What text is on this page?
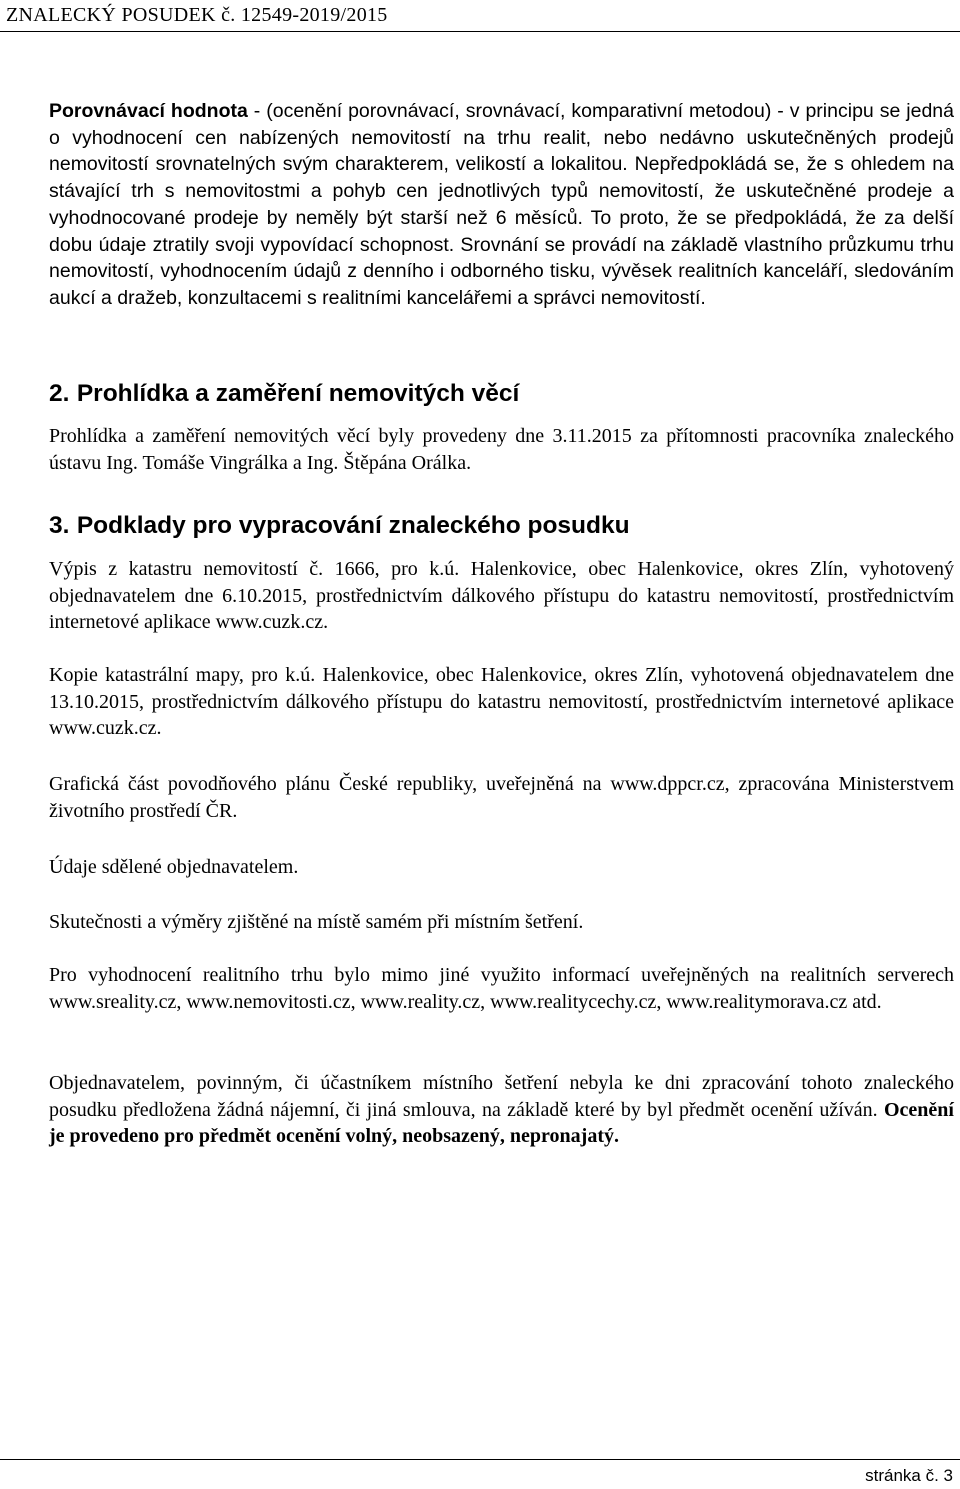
ZNALECKÝ POSUDEK č. 12549-2019/2015

Porovnávací hodnota - (ocenění porovnávací, srovnávací, komparativní metodou) - v principu se jedná o vyhodnocení cen nabízených nemovitostí na trhu realit, nebo nedávno uskutečněných prodejů nemovitostí srovnatelných svým charakterem, velikostí a lokalitou. Nepředpokládá se, že s ohledem na stávající trh s nemovitostmi a pohyb cen jednotlivých typů nemovitostí, že uskutečněné prodeje a vyhodnocované prodeje by neměly být starší než 6 měsíců. To proto, že se předpokládá, že za delší dobu údaje ztratily svoji vypovídací schopnost. Srovnání se provádí na základě vlastního průzkumu trhu nemovitostí, vyhodnocením údajů z denního i odborného tisku, vývěsek realitních kanceláří, sledováním aukcí a dražeb, konzultacemi s realitními kancelářemi a správci nemovitostí.

2. Prohlídka a zaměření nemovitých věcí

Prohlídka a zaměření nemovitých věcí byly provedeny dne 3.11.2015 za přítomnosti pracovníka znaleckého ústavu Ing. Tomáše Vingrálka a Ing. Štěpána Orálka.

3. Podklady pro vypracování znaleckého posudku

Výpis z katastru nemovitostí č. 1666, pro k.ú. Halenkovice, obec Halenkovice, okres Zlín, vyhotovený objednavatelem dne 6.10.2015, prostřednictvím dálkového přístupu do katastru nemovitostí, prostřednictvím internetové aplikace www.cuzk.cz.

Kopie katastrální mapy, pro k.ú. Halenkovice, obec Halenkovice, okres Zlín, vyhotovená objednavatelem dne 13.10.2015, prostřednictvím dálkového přístupu do katastru nemovitostí, prostřednictvím internetové aplikace www.cuzk.cz.

Grafická část povodňového plánu České republiky, uveřejněná na www.dppcr.cz, zpracována Ministerstvem životního prostředí ČR.

Údaje sdělené objednavatelem.

Skutečnosti a výměry zjištěné na místě samém při místním šetření.

Pro vyhodnocení realitního trhu bylo mimo jiné využito informací uveřejněných na realitních serverech www.sreality.cz, www.nemovitosti.cz, www.reality.cz, www.realitycechy.cz, www.realitymorava.cz atd.

Objednavatelem, povinným, či účastníkem místního šetření nebyla ke dni zpracování tohoto znaleckého posudku předložena žádná nájemní, či jiná smlouva, na základě které by byl předmět ocenění užíván. Ocenění je provedeno pro předmět ocenění volný, neobsazený, nepronajatý.

stránka č. 3
